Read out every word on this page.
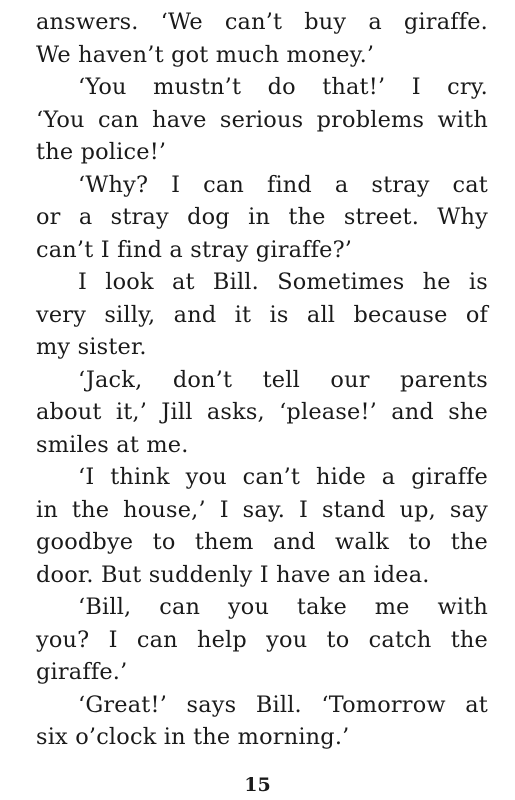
answers. ‘We can’t buy a giraffe.
We haven’t got much money.’
‘You mustn’t do that!’ I cry.
‘You can have serious problems with
the police!’
‘Why? I can find a stray cat
or a stray dog in the street. Why
can’t I find a stray giraffe?’
I look at Bill. Sometimes he is
very silly, and it is all because of
my sister.
‘Jack, don’t tell our parents
about it,’ Jill asks, ‘please!’ and she
smiles at me.
‘I think you can’t hide a giraffe
in the house,’ I say. I stand up, say
goodbye to them and walk to the
door. But suddenly I have an idea.
‘Bill, can you take me with
you? I can help you to catch the
giraffe.’
‘Great!’ says Bill. ‘Tomorrow at
six o’clock in the morning.’
15
